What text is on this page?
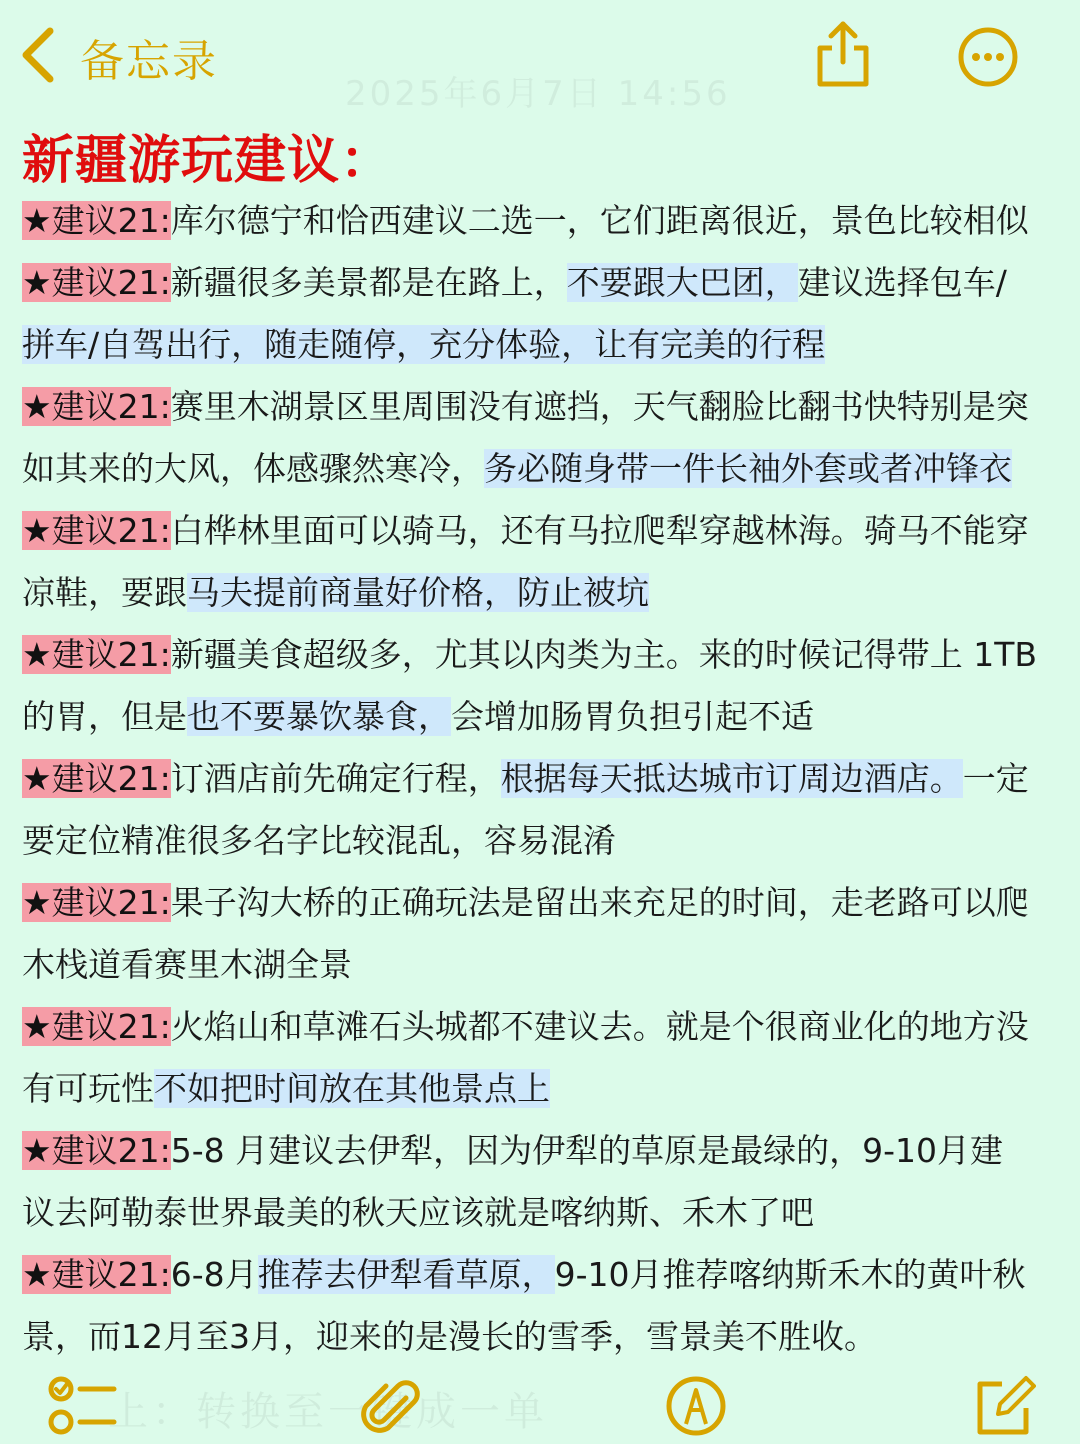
备忘录
2025年6月7日 14:56
新疆游玩建议：
★建议21:库尔德宁和恰西建议二选一，它们距离很近，景色比较相似
★建议21:新疆很多美景都是在路上，不要跟大巴团，建议选择包车/
拼车/自驾出行，随走随停，充分体验，让有完美的行程
★建议21:赛里木湖景区里周围没有遮挡，天气翻脸比翻书快特别是突
如其来的大风，体感骤然寒冷，务必随身带一件长袖外套或者冲锋衣
★建议21:白桦林里面可以骑马，还有马拉爬犁穿越林海。骑马不能穿
凉鞋，要跟马夫提前商量好价格，防止被坑
★建议21:新疆美食超级多，尤其以肉类为主。来的时候记得带上 1TB
的胃，但是也不要暴饮暴食，会增加肠胃负担引起不适
★建议21:订酒店前先确定行程，根据每天抵达城市订周边酒店。一定
要定位精准很多名字比较混乱，容易混淆
★建议21:果子沟大桥的正确玩法是留出来充足的时间，走老路可以爬
木栈道看赛里木湖全景
★建议21:火焰山和草滩石头城都不建议去。就是个很商业化的地方没
有可玩性不如把时间放在其他景点上
★建议21:5-8 月建议去伊犁，因为伊犁的草原是最绿的，9-10月建
议去阿勒泰世界最美的秋天应该就是喀纳斯、禾木了吧
★建议21:6-8月推荐去伊犁看草原，9-10月推荐喀纳斯禾木的黄叶秋
景，而12月至3月，迎来的是漫长的雪季，雪景美不胜收。
上：转换至一键成一单
